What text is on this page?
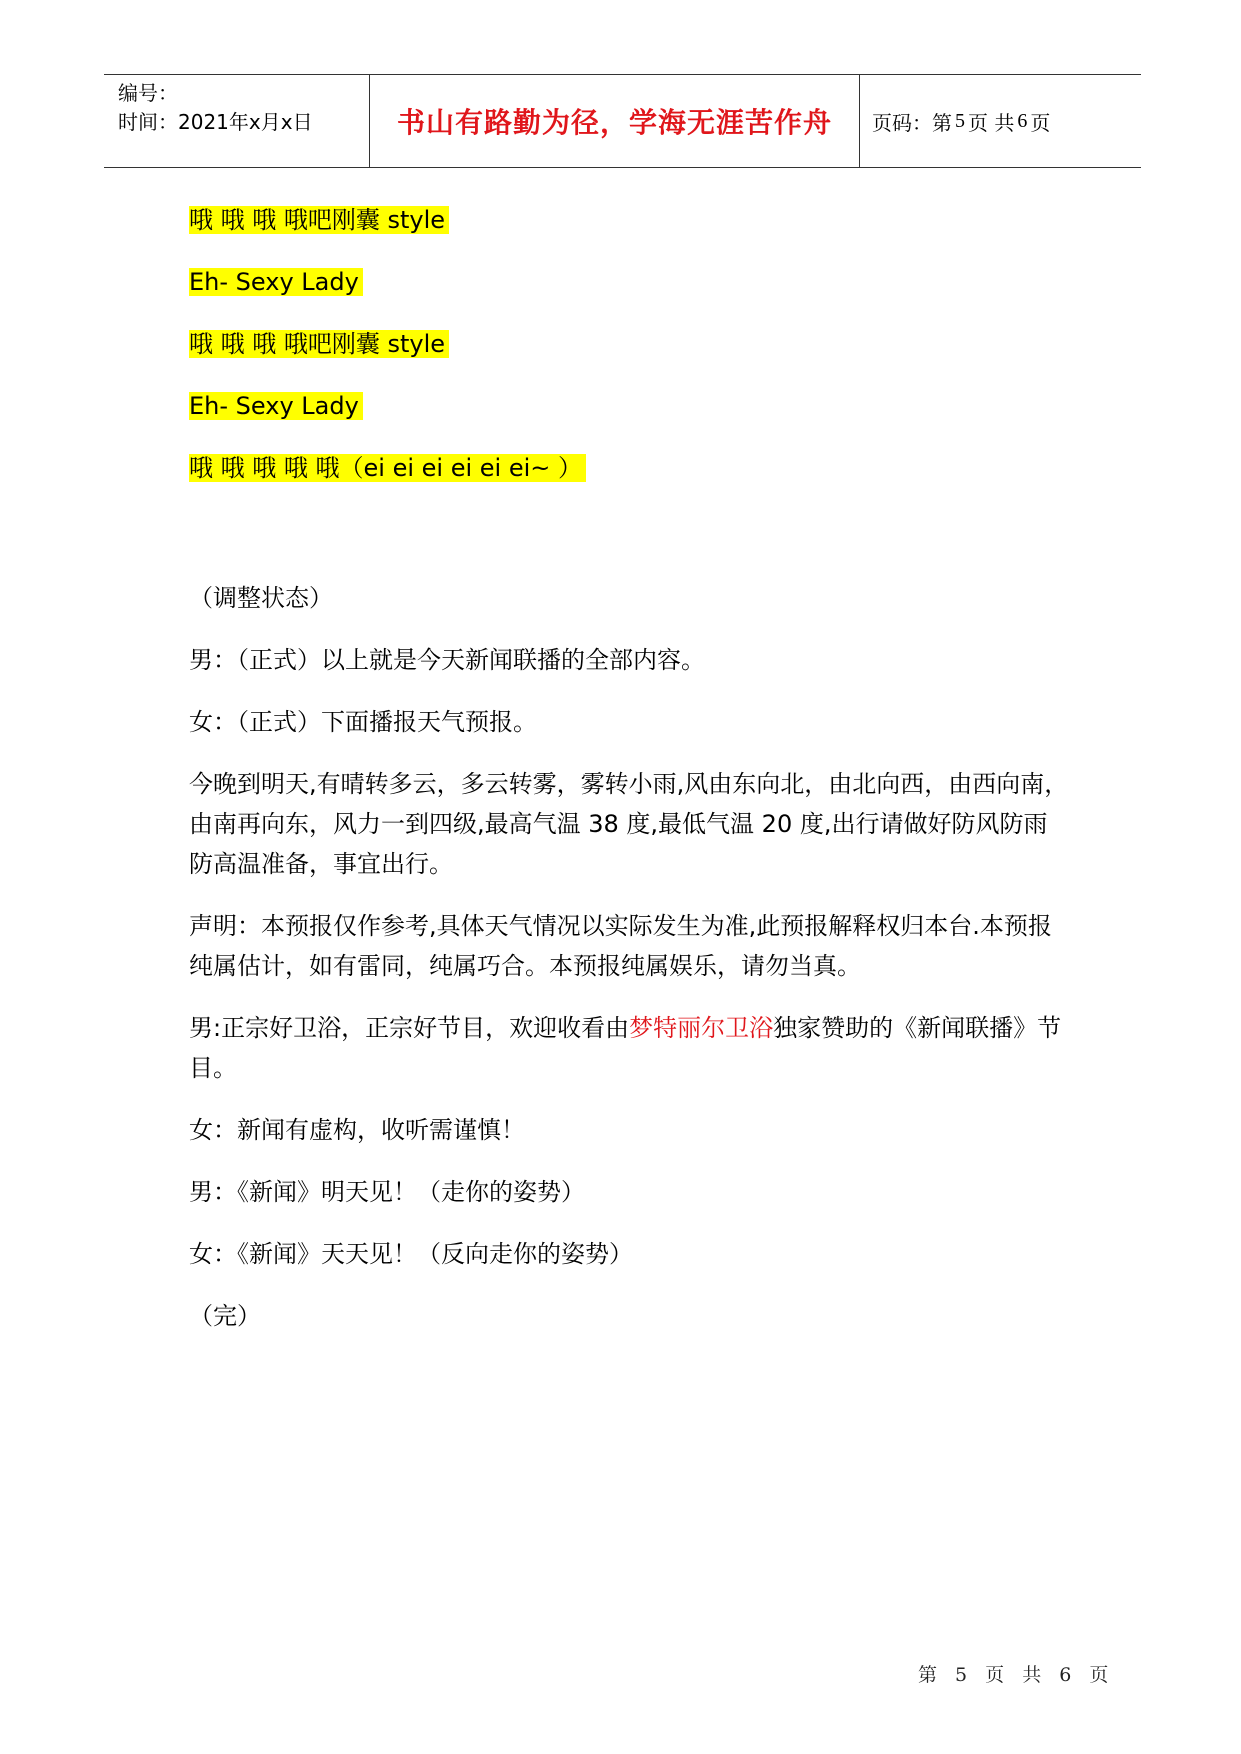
编号：
时间：2021年x月x日	书山有路勤为径，学海无涯苦作舟 页码：第 5 页 共 6 页

哦 哦 哦 哦吧刚囊 style

Eh- Sexy Lady

哦 哦 哦 哦吧刚囊 style

Eh- Sexy Lady

哦 哦 哦 哦 哦（ei ei ei ei ei ei~ ）

（调整状态）

男：（正式）以上就是今天新闻联播的全部内容。

女：（正式）下面播报天气预报。

今晚到明天,有晴转多云，多云转雾，雾转小雨,风由东向北，由北向西，由西向南，由南再向东，风力一到四级,最高气温 38 度,最低气温 20 度,出行请做好防风防雨防高温准备，事宜出行。

声明：本预报仅作参考,具体天气情况以实际发生为准,此预报解释权归本台.本预报纯属估计，如有雷同，纯属巧合。本预报纯属娱乐，请勿当真。

男:正宗好卫浴，正宗好节目，欢迎收看由梦特丽尔卫浴独家赞助的《新闻联播》节目。

女：新闻有虚构，收听需谨慎！

男：《新闻》明天见！（走你的姿势）

女：《新闻》天天见！（反向走你的姿势）

（完）

第 5 页 共 6 页
